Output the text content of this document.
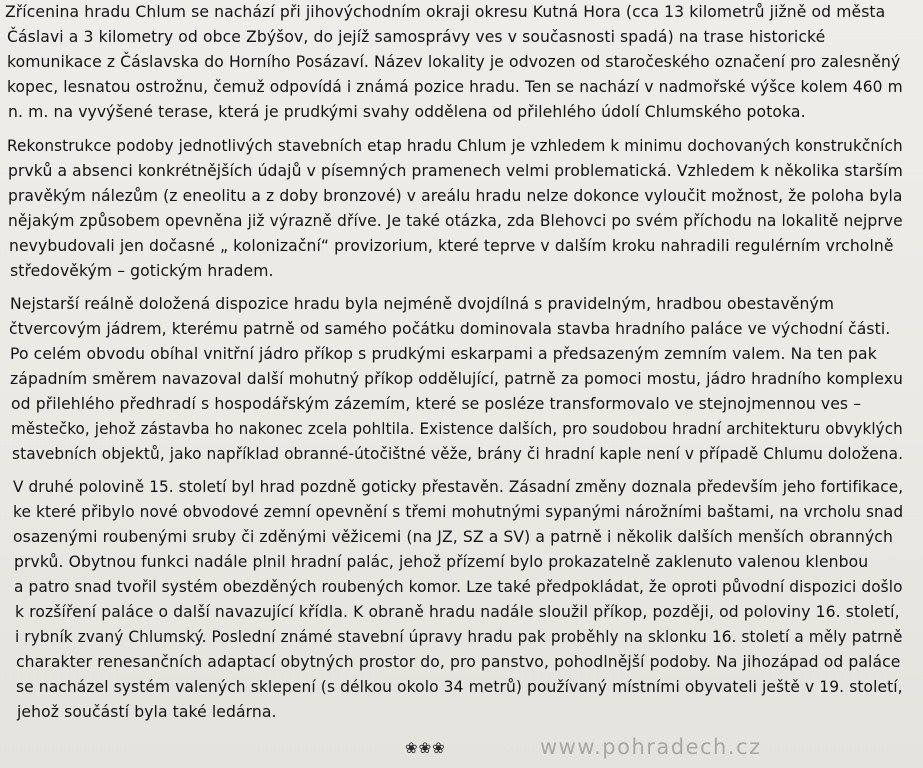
Zřícenina hradu Chlum se nachází při jihovýchodním okraji okresu Kutná Hora (cca 13 kilometrů jižně od města
Čáslavi a 3 kilometry od obce Zbýšov, do jejíž samosprávy ves v současnosti spadá) na trase historické
komunikace z Čáslavska do Horního Posázaví. Název lokality je odvozen od staročeského označení pro zalesněný
kopec, lesnatou ostrožnu, čemuž odpovídá i známá pozice hradu. Ten se nachází v nadmořské výšce kolem 460 m
n. m. na vyvýšené terase, která je prudkými svahy oddělena od přilehlého údolí Chlumského potoka.
Rekonstrukce podoby jednotlivých stavebních etap hradu Chlum je vzhledem k minimu dochovaných konstrukčních
prvků a absenci konkrétnějších údajů v písemných pramenech velmi problematická. Vzhledem k několika starším
pravěkým nálezům (z eneolitu a z doby bronzové) v areálu hradu nelze dokonce vyloučit možnost, že poloha byla
nějakým způsobem opevněna již výrazně dříve. Je také otázka, zda Blehovci po svém příchodu na lokalitě nejprve
nevybudovali jen dočasné „ kolonizační“ provizorium, které teprve v dalším kroku nahradili regulérním vrcholně
středověkým – gotickým hradem.
Nejstarší reálně doložená dispozice hradu byla nejméně dvojdílná s pravidelným, hradbou obestavěným
čtvercovým jádrem, kterému patrně od samého počátku dominovala stavba hradního paláce ve východní části.
Po celém obvodu obíhal vnitřní jádro příkop s prudkými eskarpami a předsazeným zemním valem. Na ten pak
západním směrem navazoval další mohutný příkop oddělující, patrně za pomoci mostu, jádro hradního komplexu
od přilehlého předhradí s hospodářským zázemím, které se posléze transformovalo ve stejnojmennou ves –
městečko, jehož zástavba ho nakonec zcela pohltila. Existence dalších, pro soudobou hradní architekturu obvyklých
stavebních objektů, jako například obranné-útočištné věže, brány či hradní kaple není v případě Chlumu doložena.
V druhé polovině 15. století byl hrad pozdně goticky přestavěn. Zásadní změny doznala především jeho fortifikace,
ke které přibylo nové obvodové zemní opevnění s třemi mohutnými sypanými nárožními baštami, na vrcholu snad
osazenými roubenými sruby či zděnými věžicemi (na JZ, SZ a SV) a patrně i několik dalších menších obranných
prvků. Obytnou funkci nadále plnil hradní palác, jehož přízemí bylo prokazatelně zaklenuto valenou klenbou
a patro snad tvořil systém obezděných roubených komor. Lze také předpokládat, že oproti původní dispozici došlo
k rozšíření paláce o další navazující křídla. K obraně hradu nadále sloužil příkop, později, od poloviny 16. století,
i rybník zvaný Chlumský. Poslední známé stavební úpravy hradu pak proběhly na sklonku 16. století a měly patrně
charakter renesančních adaptací obytných prostor do, pro panstvo, pohodlnější podoby. Na jihozápad od paláce
se nacházel systém valených sklepení (s délkou okolo 34 metrů) používaný místními obyvateli ještě v 19. století,
jehož součástí byla také ledárna.
❀❀❀	www.pohradech.cz
